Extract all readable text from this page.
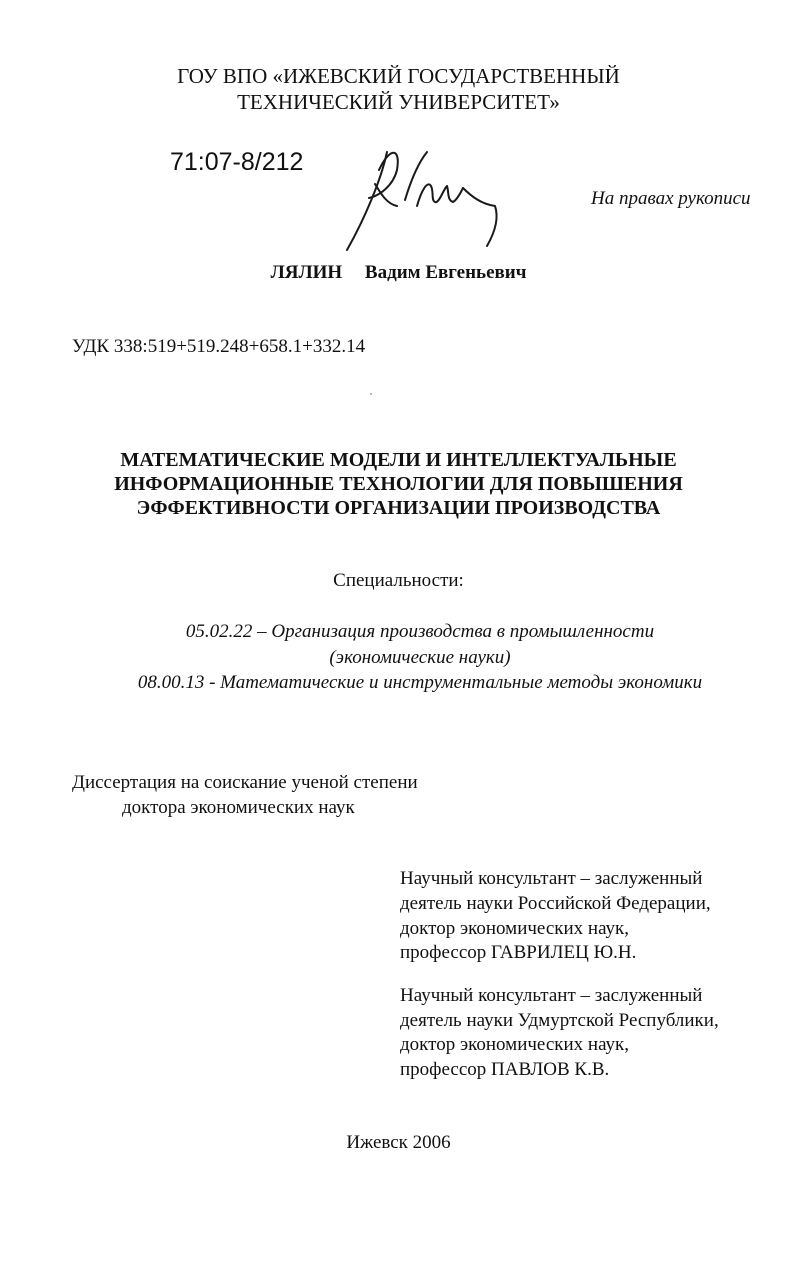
ГОУ ВПО «ИЖЕВСКИЙ ГОСУДАРСТВЕННЫЙ

ТЕХНИЧЕСКИЙ УНИВЕРСИТЕТ»

71:07-8/212

На правах рукописи

ЛЯЛИН Вадим Евгеньевич

УДК 338:519+519.248+658.1+332.14

МАТЕМАТИЧЕСКИЕ МОДЕЛИ И ИНТЕЛЛЕКТУАЛЬНЫЕ

ИНФОРМАЦИОННЫЕ ТЕХНОЛОГИИ ДЛЯ ПОВЫШЕНИЯ

ЭФФЕКТИВНОСТИ ОРГАНИЗАЦИИ ПРОИЗВОДСТВА

Специальности:

05.02.22 – Организация производства в промышленности

(экономические науки)

08.00.13 - Математические и инструментальные методы экономики

Диссертация на соискание ученой степени

доктора экономических наук

Научный консультант – заслуженный

деятель науки Российской Федерации,

доктор экономических наук,

профессор ГАВРИЛЕЦ Ю.Н.

Научный консультант – заслуженный

деятель науки Удмуртской Республики,

доктор экономических наук,

профессор ПАВЛОВ К.В.

Ижевск 2006
